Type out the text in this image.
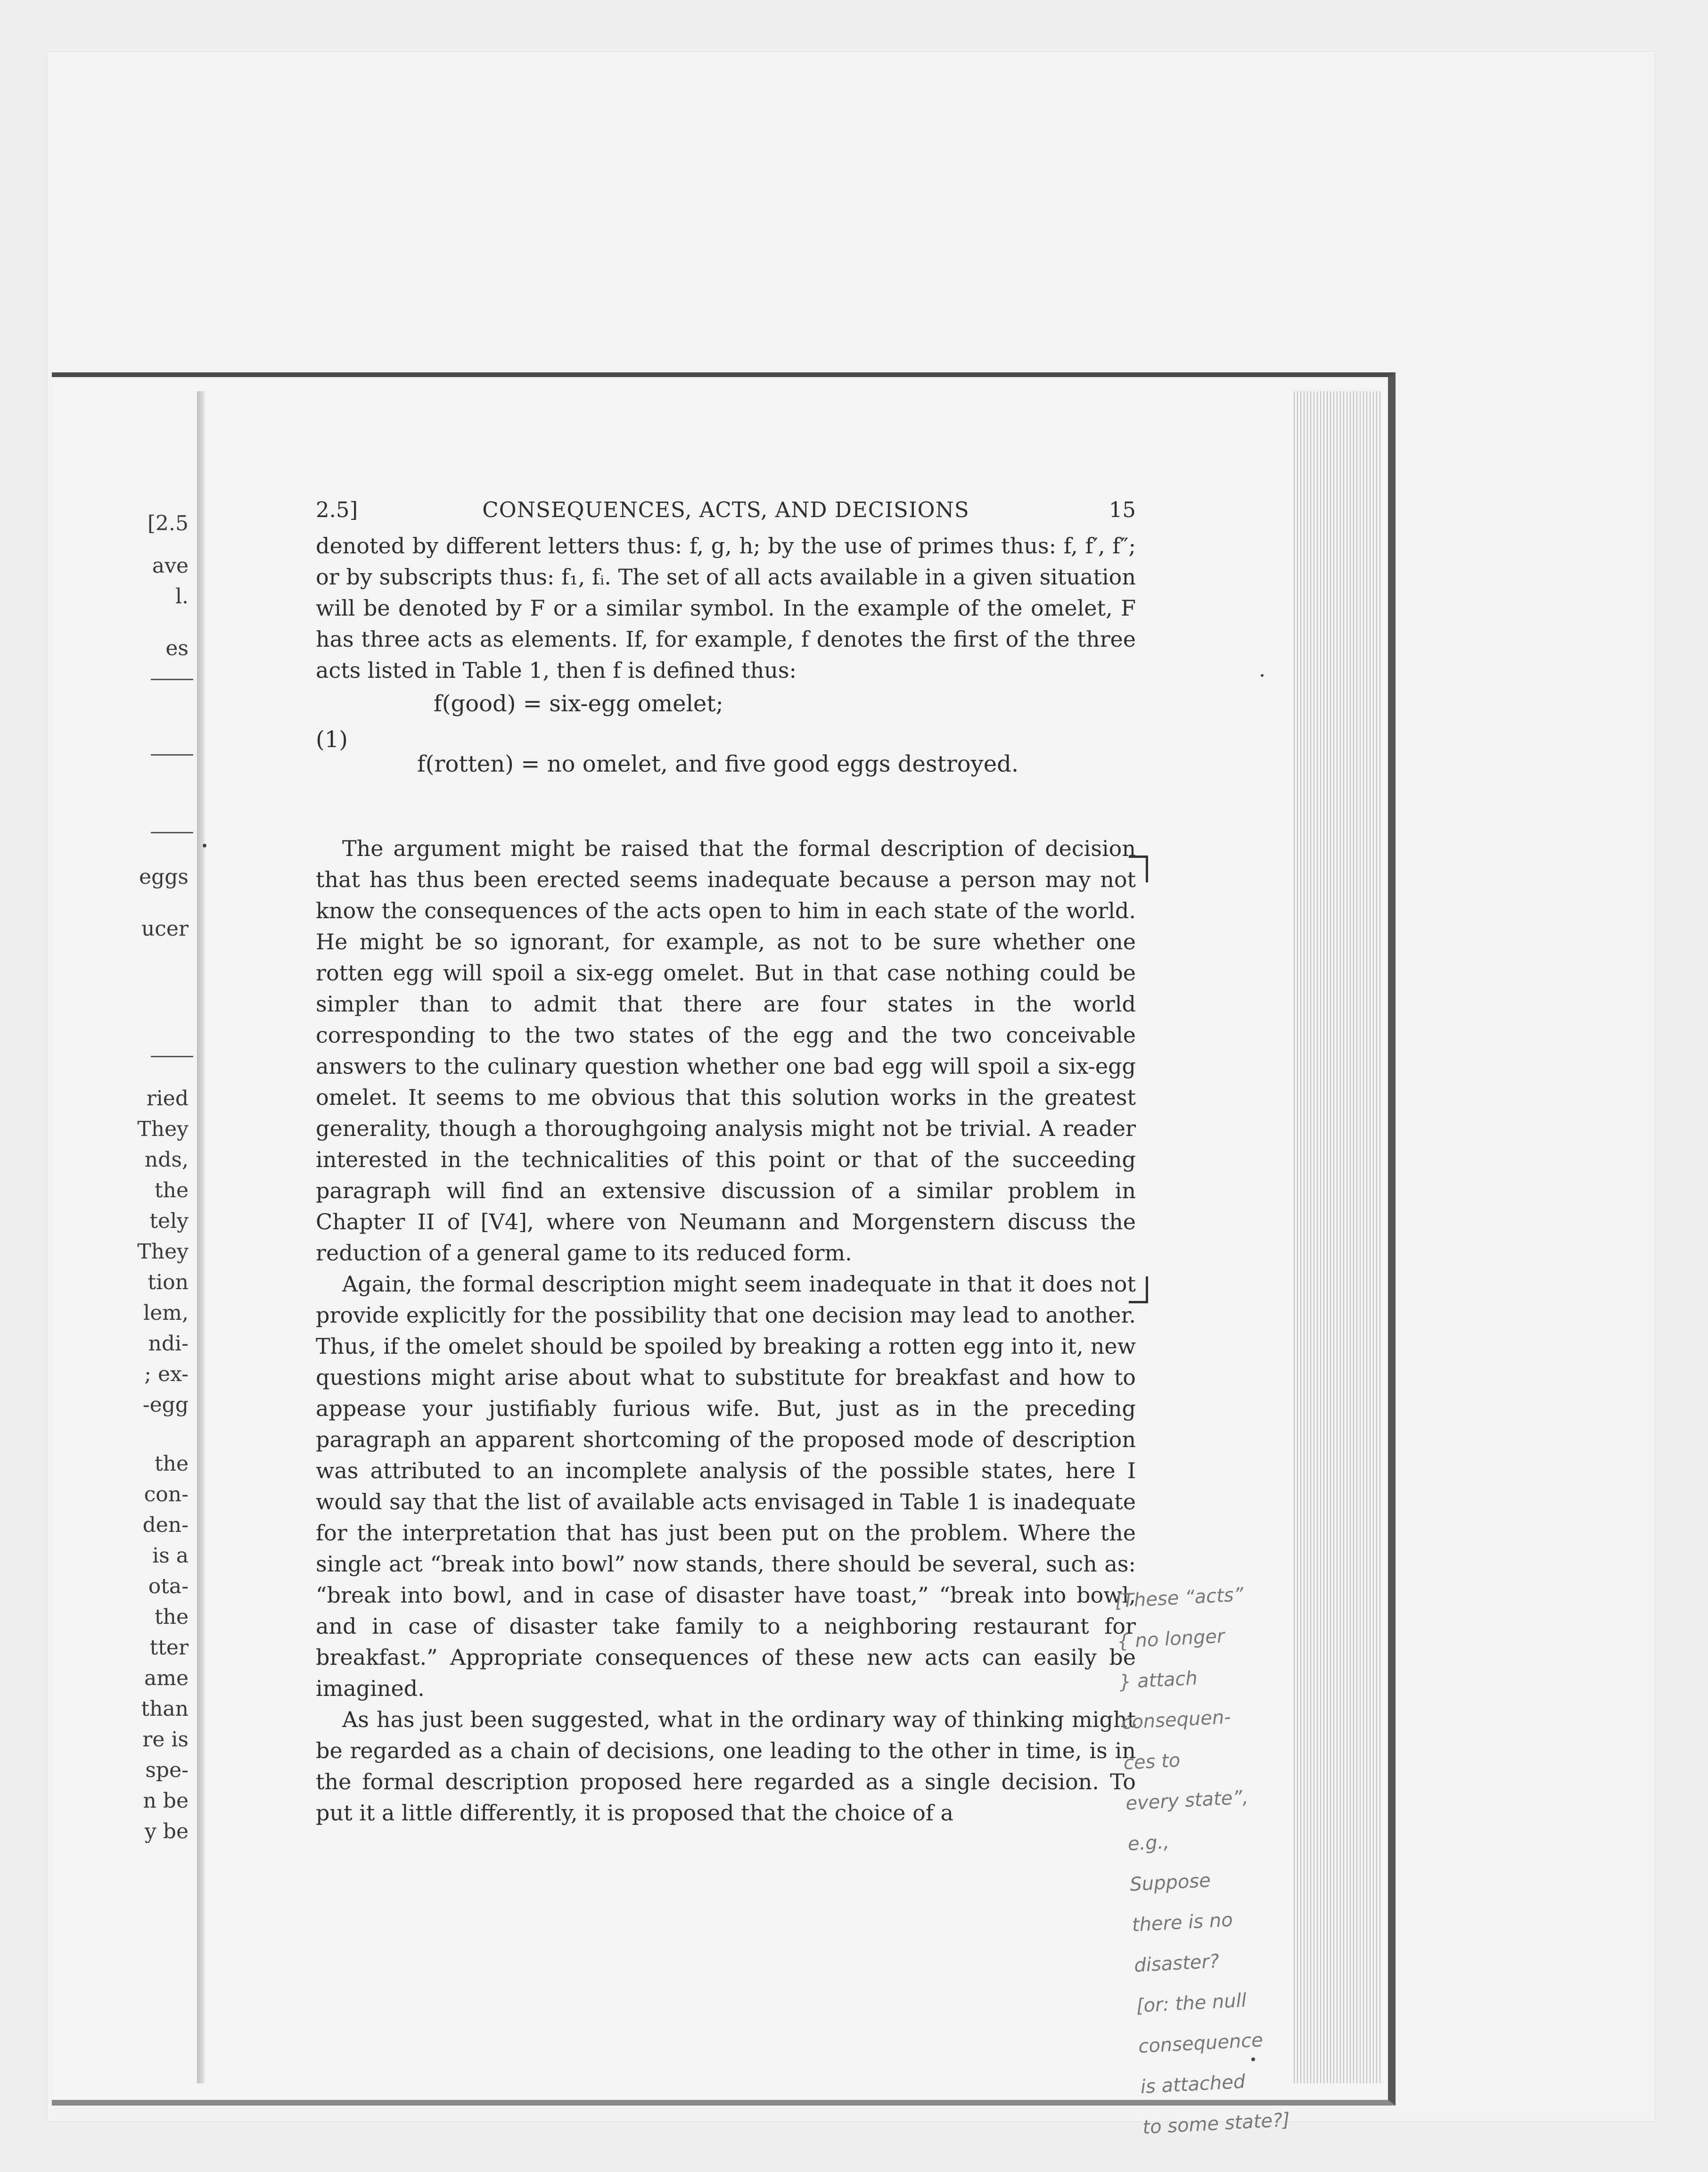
[2.5
ave
l.
es
eggs
ucer
ried
They
nds,
the
tely
They
tion
lem,
ndi-
; ex-
-egg
the
con-
den-
is a
ota-
the
tter
ame
than
re is
spe-
n be
y be
2.5]	CONSEQUENCES, ACTS, AND DECISIONS	15

denoted by different letters thus: f, g, h; by the use of primes thus: f, f′, f″; or by subscripts thus: f₁, fᵢ. The set of all acts available in a given situation will be denoted by F or a similar symbol. In the example of the omelet, F has three acts as elements. If, for example, f denotes the first of the three acts listed in Table 1, then f is defined thus:

(1)
f(good) = six-egg omelet;
f(rotten) = no omelet, and five good eggs destroyed.

The argument might be raised that the formal description of decision that has thus been erected seems inadequate because a person may not know the consequences of the acts open to him in each state of the world. He might be so ignorant, for example, as not to be sure whether one rotten egg will spoil a six-egg omelet. But in that case nothing could be simpler than to admit that there are four states in the world corresponding to the two states of the egg and the two conceivable answers to the culinary question whether one bad egg will spoil a six-egg omelet. It seems to me obvious that this solution works in the greatest generality, though a thoroughgoing analysis might not be trivial. A reader interested in the technicalities of this point or that of the succeeding paragraph will find an extensive discussion of a similar problem in Chapter II of [V4], where von Neumann and Morgenstern discuss the reduction of a general game to its reduced form.

Again, the formal description might seem inadequate in that it does not provide explicitly for the possibility that one decision may lead to another. Thus, if the omelet should be spoiled by breaking a rotten egg into it, new questions might arise about what to substitute for breakfast and how to appease your justifiably furious wife. But, just as in the preceding paragraph an apparent shortcoming of the proposed mode of description was attributed to an incomplete analysis of the possible states, here I would say that the list of available acts envisaged in Table 1 is inadequate for the interpretation that has just been put on the problem. Where the single act “break into bowl” now stands, there should be several, such as: “break into bowl, and in case of disaster have toast,” “break into bowl, and in case of disaster take family to a neighboring restaurant for breakfast.” Appropriate consequences of these new acts can easily be imagined.

As has just been suggested, what in the ordinary way of thinking might be regarded as a chain of decisions, one leading to the other in time, is in the formal description proposed here regarded as a single decision. To put it a little differently, it is proposed that the choice of a

[These “acts”
{ no longer
} attach
consequen-
ces to
every state”,
e.g.,
Suppose
there is no
disaster?
[or: the null
consequence
is attached
to some state?]
